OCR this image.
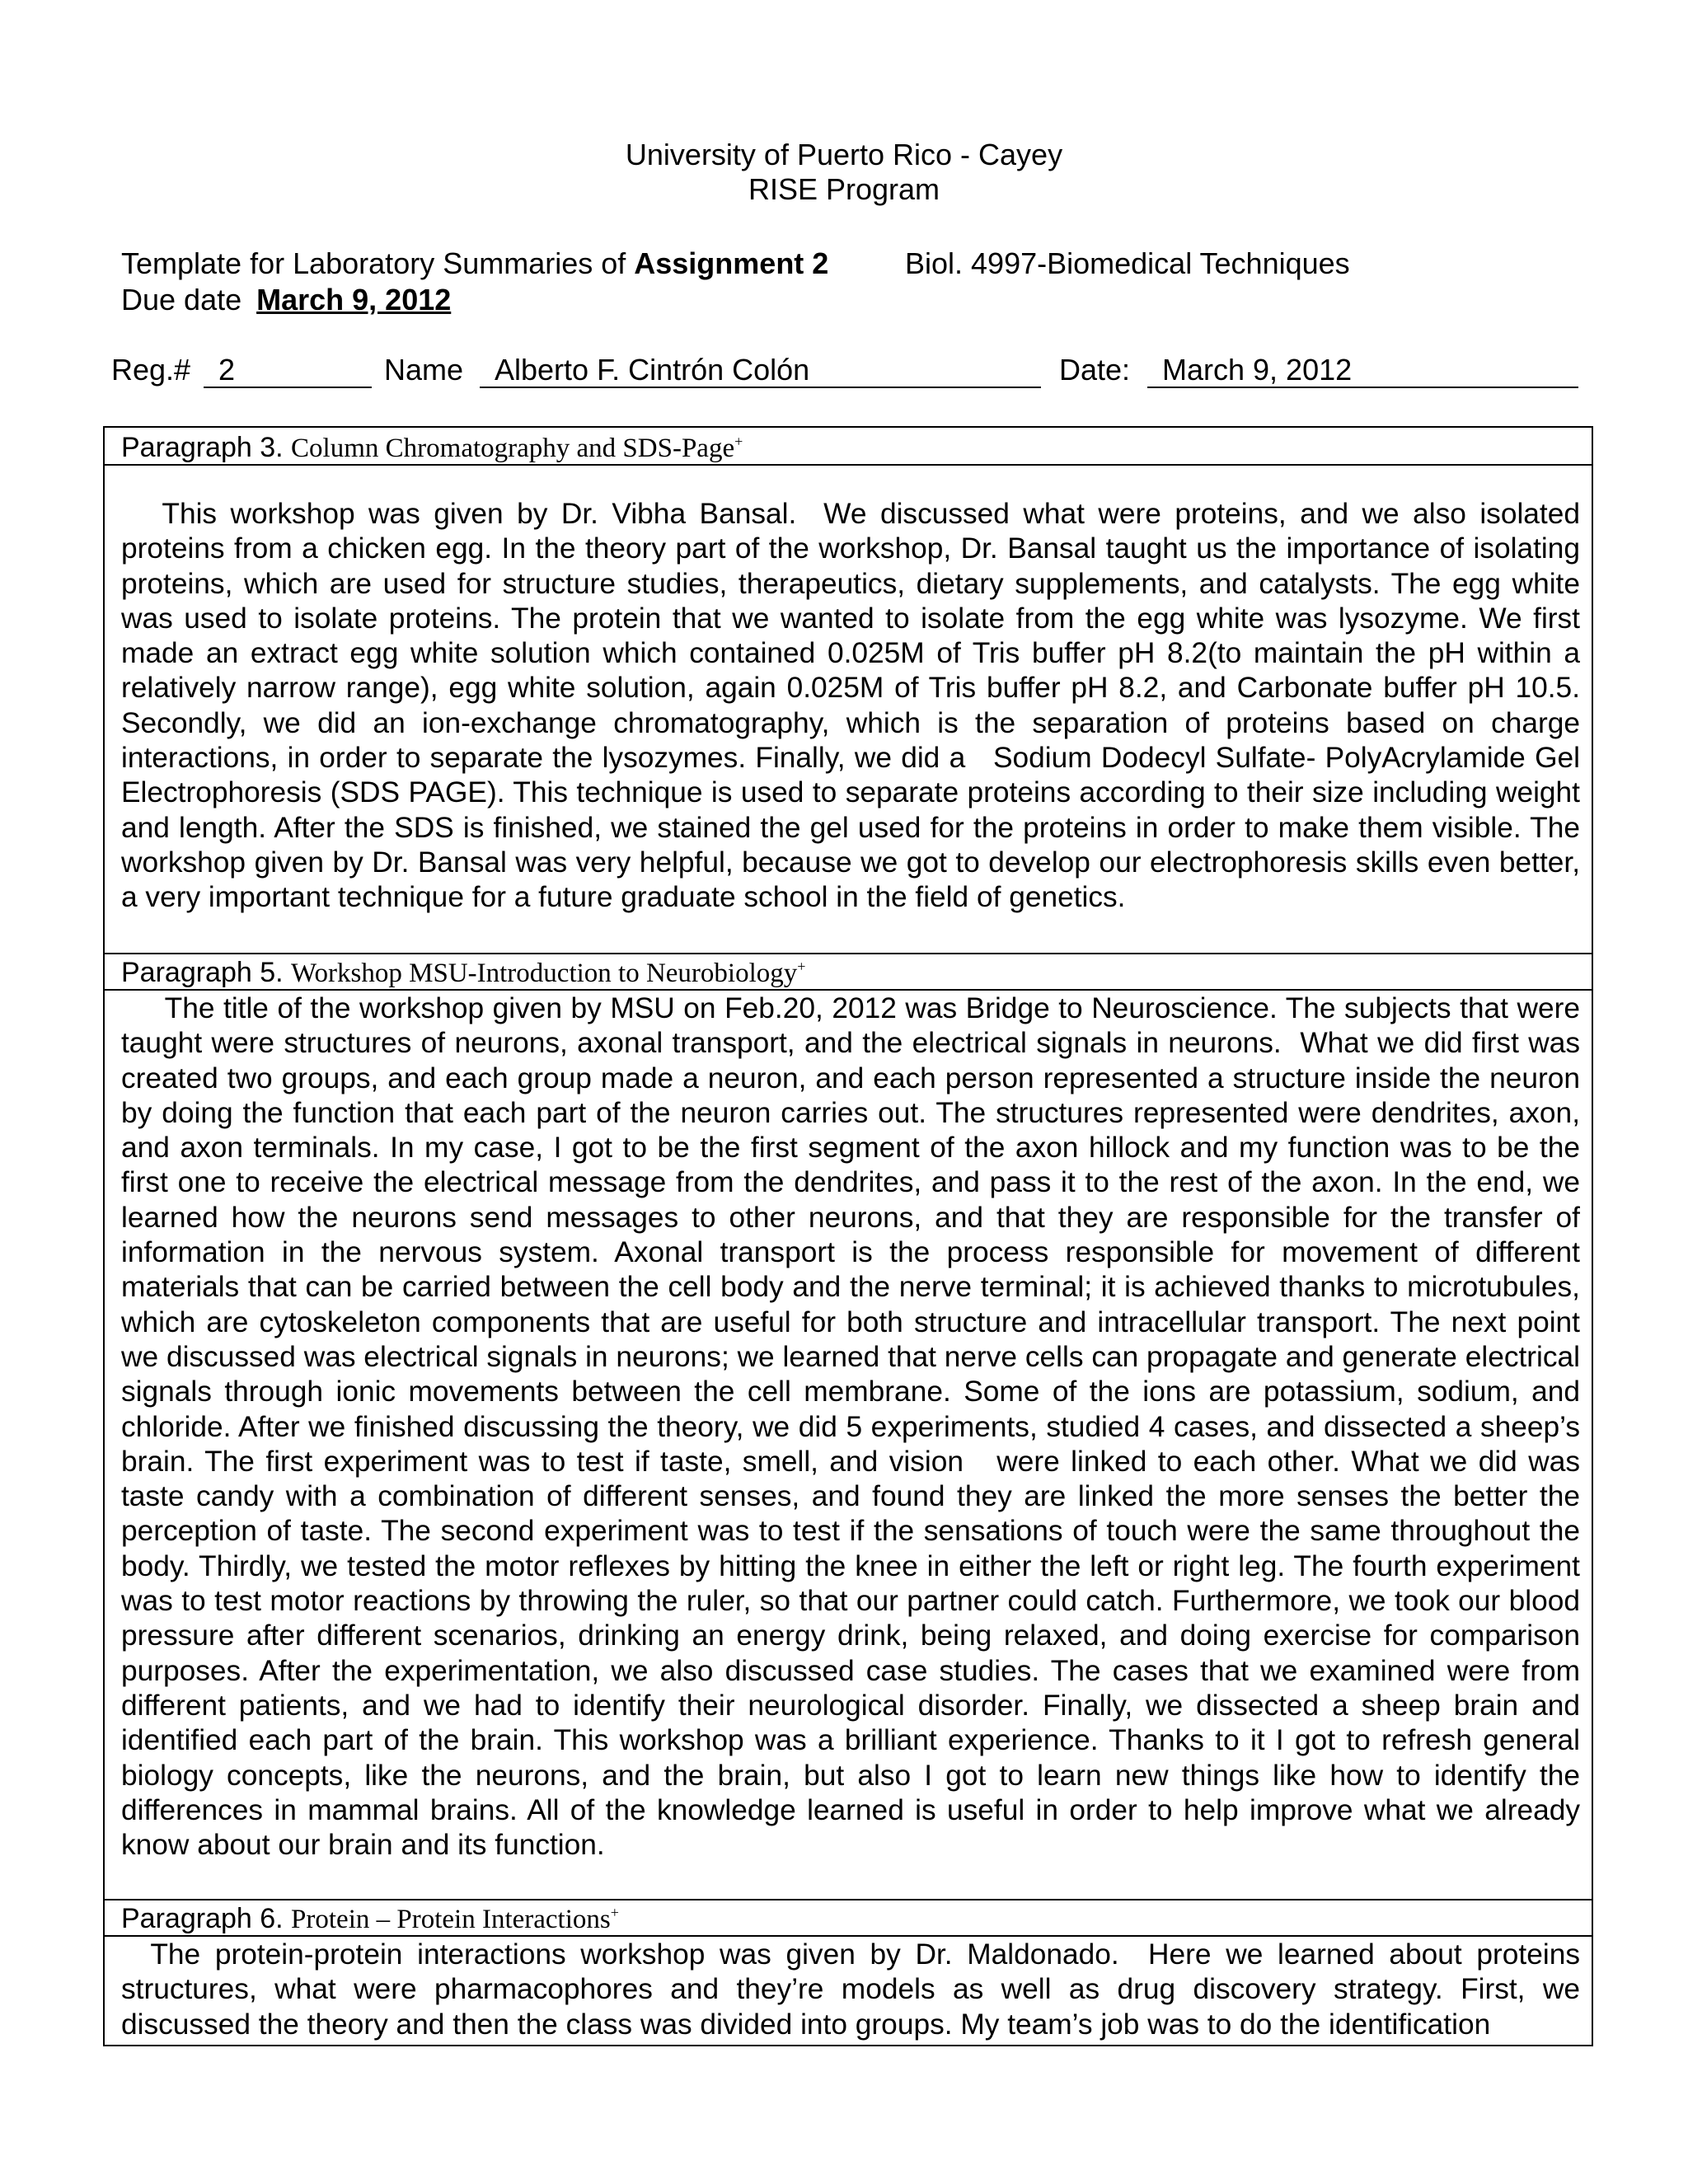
University of Puerto Rico - Cayey
RISE Program
Template for Laboratory Summaries of Assignment 2	Biol. 4997-Biomedical Techniques
Due date March 9, 2012
Reg.# 2	Name	Alberto F. Cintrón Colón	Date:	March 9, 2012
Paragraph 3. Column Chromatography and SDS-Page+
This workshop was given by Dr. Vibha Bansal.  We discussed what were proteins, and we also isolated proteins from a chicken egg. In the theory part of the workshop, Dr. Bansal taught us the importance of isolating proteins, which are used for structure studies, therapeutics, dietary supplements, and catalysts. The egg white was used to isolate proteins. The protein that we wanted to isolate from the egg white was lysozyme. We first made an extract egg white solution which contained 0.025M of Tris buffer pH 8.2(to maintain the pH within a relatively narrow range), egg white solution, again 0.025M of Tris buffer pH 8.2, and Carbonate buffer pH 10.5. Secondly, we did an ion-exchange chromatography, which is the separation of proteins based on charge interactions, in order to separate the lysozymes. Finally, we did a   Sodium Dodecyl Sulfate- PolyAcrylamide Gel Electrophoresis (SDS PAGE). This technique is used to separate proteins according to their size including weight and length. After the SDS is finished, we stained the gel used for the proteins in order to make them visible. The workshop given by Dr. Bansal was very helpful, because we got to develop our electrophoresis skills even better, a very important technique for a future graduate school in the field of genetics.
Paragraph 5. Workshop MSU-Introduction to Neurobiology+
The title of the workshop given by MSU on Feb.20, 2012 was Bridge to Neuroscience. The subjects that were taught were structures of neurons, axonal transport, and the electrical signals in neurons.  What we did first was created two groups, and each group made a neuron, and each person represented a structure inside the neuron by doing the function that each part of the neuron carries out. The structures represented were dendrites, axon, and axon terminals. In my case, I got to be the first segment of the axon hillock and my function was to be the first one to receive the electrical message from the dendrites, and pass it to the rest of the axon. In the end, we learned how the neurons send messages to other neurons, and that they are responsible for the transfer of information in the nervous system. Axonal transport is the process responsible for movement of different materials that can be carried between the cell body and the nerve terminal; it is achieved thanks to microtubules, which are cytoskeleton components that are useful for both structure and intracellular transport. The next point we discussed was electrical signals in neurons; we learned that nerve cells can propagate and generate electrical signals through ionic movements between the cell membrane. Some of the ions are potassium, sodium, and chloride. After we finished discussing the theory, we did 5 experiments, studied 4 cases, and dissected a sheep’s brain. The first experiment was to test if taste, smell, and vision   were linked to each other. What we did was taste candy with a combination of different senses, and found they are linked the more senses the better the perception of taste. The second experiment was to test if the sensations of touch were the same throughout the body. Thirdly, we tested the motor reflexes by hitting the knee in either the left or right leg. The fourth experiment was to test motor reactions by throwing the ruler, so that our partner could catch. Furthermore, we took our blood pressure after different scenarios, drinking an energy drink, being relaxed, and doing exercise for comparison purposes. After the experimentation, we also discussed case studies. The cases that we examined were from different patients, and we had to identify their neurological disorder. Finally, we dissected a sheep brain and identified each part of the brain. This workshop was a brilliant experience. Thanks to it I got to refresh general biology concepts, like the neurons, and the brain, but also I got to learn new things like how to identify the differences in mammal brains. All of the knowledge learned is useful in order to help improve what we already know about our brain and its function.
Paragraph 6. Protein – Protein Interactions+
The protein-protein interactions workshop was given by Dr. Maldonado.  Here we learned about proteins structures, what were pharmacophores and they’re models as well as drug discovery strategy. First, we discussed the theory and then the class was divided into groups. My team’s job was to do the identification
